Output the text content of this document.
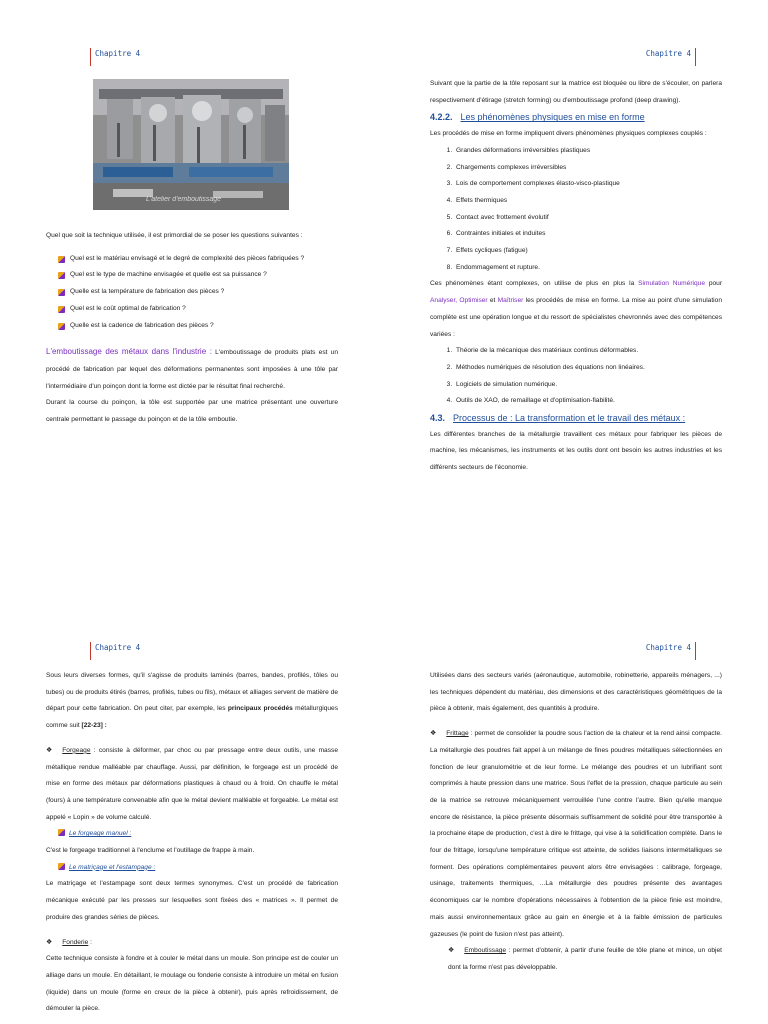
Chapitre 4
L'atelier d'emboutissage

Quel que soit la technique utilisée, il est primordial de se poser les questions suivantes :

Quel est le matériau envisagé et le degré de complexité des pièces fabriquées ?
Quel est le type de machine envisagée et quelle est sa puissance ?
Quelle est la température de fabrication des pièces ?
Quel est le coût optimal de fabrication ?
Quelle est la cadence de fabrication des pièces ?

L'emboutissage des métaux dans l'industrie : L'emboutissage de produits plats est un procédé de fabrication par lequel des déformations permanentes sont imposées à une tôle par l'intermédiaire d'un poinçon dont la forme est dictée par le résultat final recherché.

Durant la course du poinçon, la tôle est supportée par une matrice présentant une ouverture centrale permettant le passage du poinçon et de la tôle emboutie.

Chapitre 4

Suivant que la partie de la tôle reposant sur la matrice est bloquée ou libre de s'écouler, on parlera respectivement d'étirage (stretch forming) ou d'emboutissage profond (deep drawing).

4.2.2. Les phénomènes physiques en mise en forme

Les procédés de mise en forme impliquent divers phénomènes physiques complexes couplés :

1. Grandes déformations irréversibles plastiques
2. Chargements complexes irréversibles
3. Lois de comportement complexes élasto-visco-plastique
4. Effets thermiques
5. Contact avec frottement évolutif
6. Contraintes initiales et induites
7. Effets cycliques (fatigue)
8. Endommagement et rupture.

Ces phénomènes étant complexes, on utilise de plus en plus la Simulation Numérique pour Analyser, Optimiser et Maîtriser les procédés de mise en forme. La mise au point d'une simulation complète est une opération longue et du ressort de spécialistes chevronnés avec des compétences variées :

1. Théorie de la mécanique des matériaux continus déformables.
2. Méthodes numériques de résolution des équations non linéaires.
3. Logiciels de simulation numérique.
4. Outils de XAO, de remaillage et d'optimisation-fiabilité.

4.3. Processus de : La transformation et le travail des métaux :

Les différentes branches de la métallurgie travaillent ces métaux pour fabriquer les pièces de machine, les mécanismes, les instruments et les outils dont ont besoin les autres industries et les différents secteurs de l'économie.

Chapitre 4

Sous leurs diverses formes, qu'il s'agisse de produits laminés (barres, bandes, profilés, tôles ou tubes) ou de produits étirés (barres, profilés, tubes ou fils), métaux et alliages servent de matière de départ pour cette fabrication. On peut citer, par exemple, les principaux procédés métallurgiques comme suit [22-23] :

❖ Forgeage : consiste à déformer, par choc ou par pressage entre deux outils, une masse métallique rendue malléable par chauffage. Aussi, par définition, le forgeage est un procédé de mise en forme des métaux par déformations plastiques à chaud ou à froid. On chauffe le métal (fours) à une température convenable afin que le métal devient malléable et forgeable. Le métal est appelé « Lopin » de volume calculé.

Le forgeage manuel :

C'est le forgeage traditionnel à l'enclume et l'outillage de frappe à main.

Le matriçage et l'estampage :

Le matriçage et l'estampage sont deux termes synonymes. C'est un procédé de fabrication mécanique exécuté par les presses sur lesquelles sont fixées des « matrices ». Il permet de produire des grandes séries de pièces.

❖ Fonderie :

Cette technique consiste à fondre et à couler le métal dans un moule. Son principe est de couler un alliage dans un moule. En détaillant, le moulage ou fonderie consiste à introduire un métal en fusion (liquide) dans un moule (forme en creux de la pièce à obtenir), puis après refroidissement, de démouler la pièce.

Chapitre 4

Utilisées dans des secteurs variés (aéronautique, automobile, robinetterie, appareils ménagers, ...) les techniques dépendent du matériau, des dimensions et des caractéristiques géométriques de la pièce à obtenir, mais également, des quantités à produire.

❖ Frittage : permet de consolider la poudre sous l'action de la chaleur et la rend ainsi compacte. La métallurgie des poudres fait appel à un mélange de fines poudres métalliques sélectionnées en fonction de leur granulométrie et de leur forme. Le mélange des poudres et un lubrifiant sont comprimés à haute pression dans une matrice. Sous l'effet de la pression, chaque particule au sein de la matrice se retrouve mécaniquement verrouillée l'une contre l'autre. Bien qu'elle manque encore de résistance, la pièce présente désormais suffisamment de solidité pour être transportée à la prochaine étape de production, c'est à dire le frittage, qui vise à la solidification complète. Dans le four de frittage, lorsqu'une température critique est atteinte, de solides liaisons intermétalliques se forment. Des opérations complémentaires peuvent alors être envisagées : calibrage, forgeage, usinage, traitements thermiques, ...La métallurgie des poudres présente des avantages économiques car le nombre d'opérations nécessaires à l'obtention de la pièce finie est moindre, mais aussi environnementaux grâce au gain en énergie et à la faible émission de particules gazeuses (le point de fusion n'est pas atteint).

❖ Emboutissage : permet d'obtenir, à partir d'une feuille de tôle plane et mince, un objet dont la forme n'est pas développable.
